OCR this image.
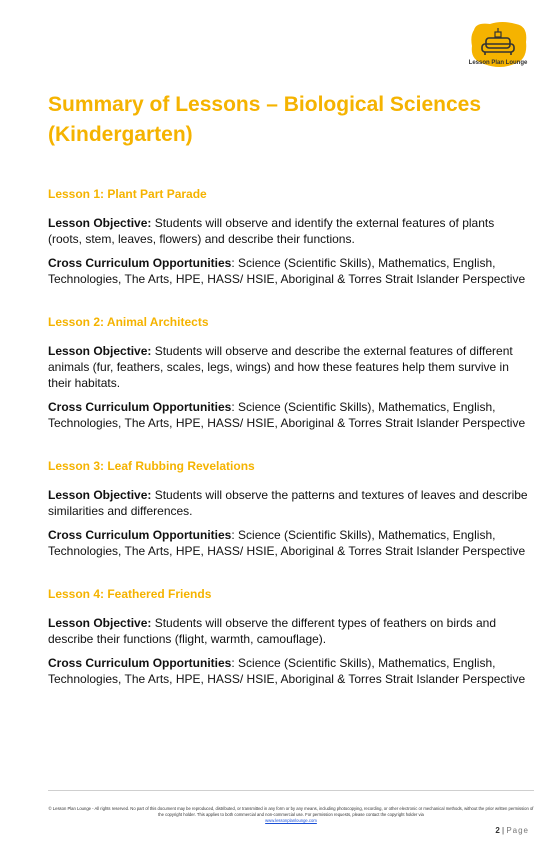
Lesson Plan Lounge
Summary of Lessons – Biological Sciences (Kindergarten)
Lesson 1: Plant Part Parade

Lesson Objective: Students will observe and identify the external features of plants (roots, stem, leaves, flowers) and describe their functions.

Cross Curriculum Opportunities: Science (Scientific Skills), Mathematics, English, Technologies, The Arts, HPE, HASS/ HSIE, Aboriginal & Torres Strait Islander Perspective

Lesson 2: Animal Architects

Lesson Objective: Students will observe and describe the external features of different animals (fur, feathers, scales, legs, wings) and how these features help them survive in their habitats.

Cross Curriculum Opportunities: Science (Scientific Skills), Mathematics, English, Technologies, The Arts, HPE, HASS/ HSIE, Aboriginal & Torres Strait Islander Perspective

Lesson 3: Leaf Rubbing Revelations

Lesson Objective: Students will observe the patterns and textures of leaves and describe similarities and differences.

Cross Curriculum Opportunities: Science (Scientific Skills), Mathematics, English, Technologies, The Arts, HPE, HASS/ HSIE, Aboriginal & Torres Strait Islander Perspective

Lesson 4: Feathered Friends

Lesson Objective: Students will observe the different types of feathers on birds and describe their functions (flight, warmth, camouflage).

Cross Curriculum Opportunities: Science (Scientific Skills), Mathematics, English, Technologies, The Arts, HPE, HASS/ HSIE, Aboriginal & Torres Strait Islander Perspective

© Lesson Plan Lounge - All rights reserved. No part of this document may be reproduced, distributed, or transmitted in any form or by any means, including photocopying, recording, or other electronic or mechanical methods, without the prior written permission of the copyright holder. This applies to both commercial and non-commercial use. For permission requests, please contact the copyright holder via
www.lessonplanlounge.com
2 | Page
